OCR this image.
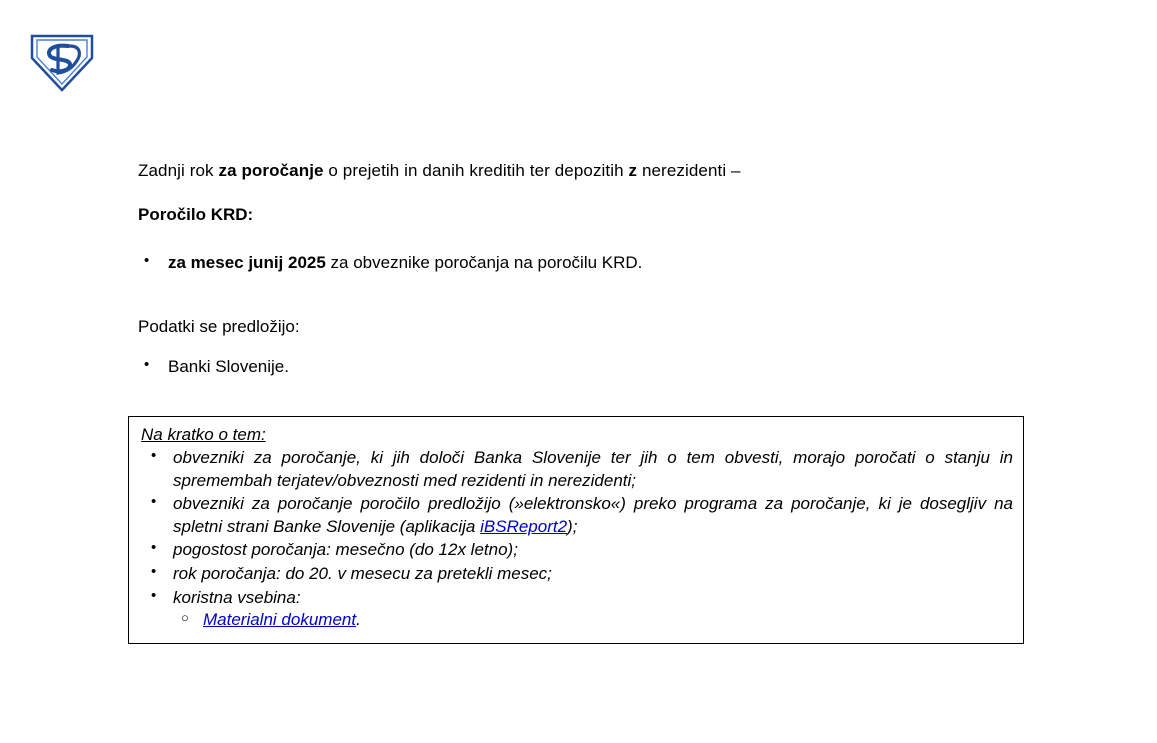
Zadnji rok za poročanje o prejetih in danih kreditih ter depozitih z nerezidenti –

Poročilo KRD:

• za mesec junij 2025 za obveznike poročanja na poročilu KRD.

Podatki se predložijo:

• Banki Slovenije.

Na kratko o tem:

• obvezniki za poročanje, ki jih določi Banka Slovenije ter jih o tem obvesti, morajo poročati o stanju in spremembah terjatev/obveznosti med rezidenti in nerezidenti;
• obvezniki za poročanje poročilo predložijo (»elektronsko«) preko programa za poročanje, ki je dosegljiv na spletni strani Banke Slovenije (aplikacija iBSReport2);
• pogostost poročanja: mesečno (do 12x letno);
• rok poročanja: do 20. v mesecu za pretekli mesec;
• koristna vsebina:
○ Materialni dokument.
